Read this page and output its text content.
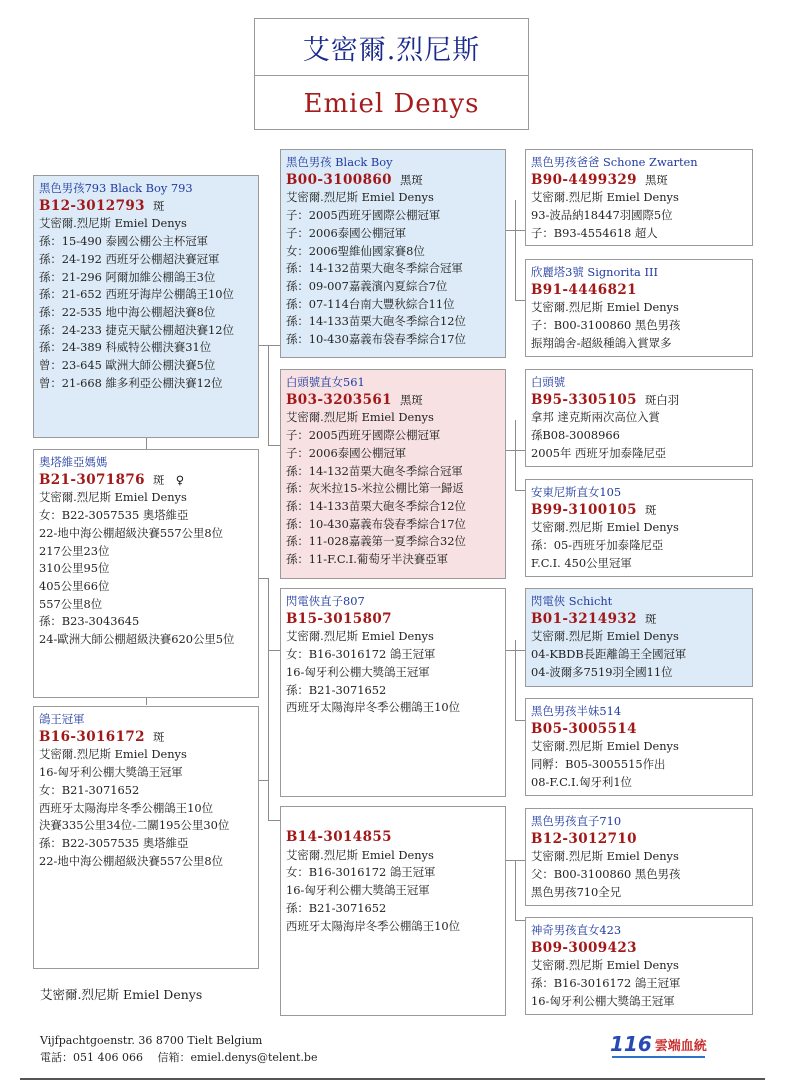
艾密爾.烈尼斯
Emiel Denys
黑色男孩793 Black Boy 793
B12-3012793 斑
艾密爾.烈尼斯 Emiel Denys
孫：15-490 泰國公棚公主杯冠軍
孫：24-192 西班牙公棚超決賽冠軍
孫：21-296 阿爾加維公棚鴿王3位
孫：21-652 西班牙海岸公棚鴿王10位
孫：22-535 地中海公棚超決賽8位
孫：24-233 捷克天賦公棚超決賽12位
孫：24-389 科威特公棚決賽31位
曾：23-645 歐洲大師公棚決賽5位
曾：21-668 維多利亞公棚決賽12位
奧塔維亞媽媽
B21-3071876 斑　♀
艾密爾.烈尼斯 Emiel Denys
女：B22-3057535 奧塔維亞
22-地中海公棚超級決賽557公里8位
217公里23位
310公里95位
405公里66位
557公里8位
孫：B23-3043645
24-歐洲大師公棚超級決賽620公里5位
鴿王冠軍
B16-3016172 斑
艾密爾.烈尼斯 Emiel Denys
16-匈牙利公棚大獎鴿王冠軍
女：B21-3071652
西班牙太陽海岸冬季公棚鴿王10位
決賽335公里34位-二關195公里30位
孫：B22-3057535 奧塔維亞
22-地中海公棚超級決賽557公里8位
黑色男孩 Black Boy
B00-3100860 黑斑
艾密爾.烈尼斯 Emiel Denys
子：2005西班牙國際公棚冠軍
子：2006泰國公棚冠軍
女：2006聖維仙國家賽8位
孫：14-132苗栗大砲冬季綜合冠軍
孫：09-007嘉義濱內夏綜合7位
孫：07-114台南大豐秋綜合11位
孫：14-133苗栗大砲冬季綜合12位
孫：10-430嘉義布袋春季綜合17位
白頭號直女561
B03-3203561 黑斑
艾密爾.烈尼斯 Emiel Denys
子：2005西班牙國際公棚冠軍
子：2006泰國公棚冠軍
孫：14-132苗栗大砲冬季綜合冠軍
孫：灰米拉15-米拉公棚比第一歸返
孫：14-133苗栗大砲冬季綜合12位
孫：10-430嘉義布袋春季綜合17位
孫：11-028嘉義第一夏季綜合32位
孫：11-F.C.I.葡萄牙半決賽亞軍
閃電俠直子807
B15-3015807
艾密爾.烈尼斯 Emiel Denys
女：B16-3016172 鴿王冠軍
16-匈牙利公棚大獎鴿王冠軍
孫：B21-3071652
西班牙太陽海岸冬季公棚鴿王10位
B14-3014855
艾密爾.烈尼斯 Emiel Denys
女：B16-3016172 鴿王冠軍
16-匈牙利公棚大獎鴿王冠軍
孫：B21-3071652
西班牙太陽海岸冬季公棚鴿王10位
黑色男孩爸爸 Schone Zwarten
B90-4499329 黑斑
艾密爾.烈尼斯 Emiel Denys
93-波品納18447羽國際5位
子：B93-4554618 超人
欣麗塔3號 Signorita III
B91-4446821
艾密爾.烈尼斯 Emiel Denys
子：B00-3100860 黑色男孩
振翔鴿舍-超級種鴿入賞眾多
白頭號
B95-3305105 斑白羽
拿邦 達克斯兩次高位入賞
孫B08-3008966
2005年 西班牙加泰隆尼亞
安東尼斯直女105
B99-3100105 斑
艾密爾.烈尼斯 Emiel Denys
孫：05-西班牙加泰隆尼亞
F.C.I. 450公里冠軍
閃電俠 Schicht
B01-3214932 斑
艾密爾.烈尼斯 Emiel Denys
04-KBDB長距離鴿王全國冠軍
04-波爾多7519羽全國11位
黑色男孩半妹514
B05-3005514
艾密爾.烈尼斯 Emiel Denys
同孵：B05-3005515作出
08-F.C.I.匈牙利1位
黑色男孩直子710
B12-3012710
艾密爾.烈尼斯 Emiel Denys
父：B00-3100860 黑色男孩
黑色男孩710全兄
神奇男孩直女423
B09-3009423
艾密爾.烈尼斯 Emiel Denys
孫：B16-3016172 鴿王冠軍
16-匈牙利公棚大獎鴿王冠軍
艾密爾.烈尼斯 Emiel Denys
Vijfpachtgoenstr. 36 8700 Tielt Belgium
電話：051 406 066　 信箱：emiel.denys@telent.be
116 雲端血統
